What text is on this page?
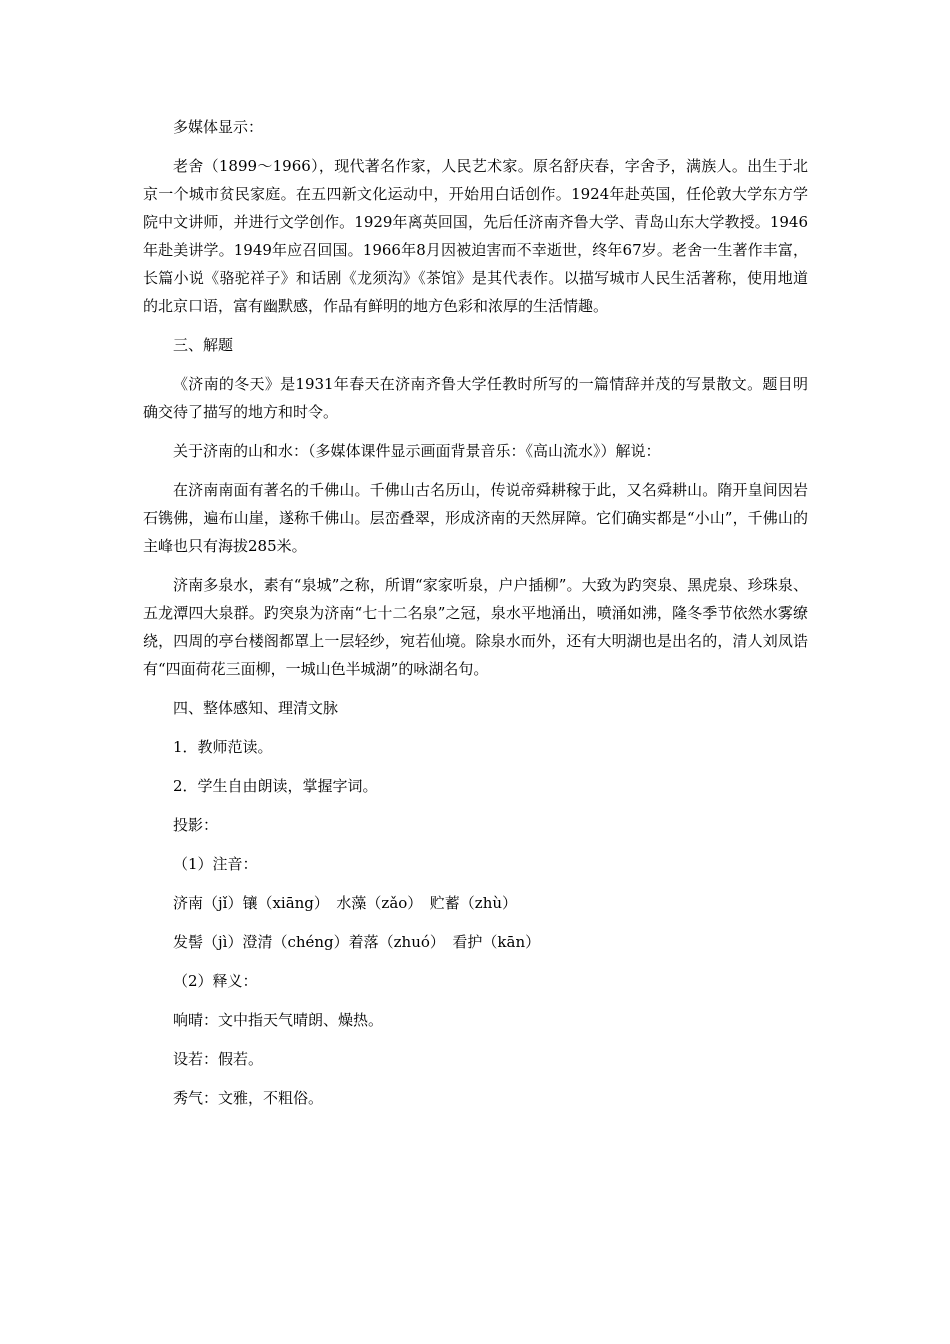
多媒体显示：

老舍（1899～1966），现代著名作家，人民艺术家。原名舒庆春，字舍予，满族人。出生于北京一个城市贫民家庭。在五四新文化运动中，开始用白话创作。1924年赴英国，任伦敦大学东方学院中文讲师，并进行文学创作。1929年离英回国，先后任济南齐鲁大学、青岛山东大学教授。1946年赴美讲学。1949年应召回国。1966年8月因被迫害而不幸逝世，终年67岁。老舍一生著作丰富，长篇小说《骆驼祥子》和话剧《龙须沟》《茶馆》是其代表作。以描写城市人民生活著称，使用地道的北京口语，富有幽默感，作品有鲜明的地方色彩和浓厚的生活情趣。

三、解题

《济南的冬天》是1931年春天在济南齐鲁大学任教时所写的一篇情辞并茂的写景散文。题目明确交待了描写的地方和时令。

关于济南的山和水：（多媒体课件显示画面背景音乐：《高山流水》）解说：

在济南南面有著名的千佛山。千佛山古名历山，传说帝舜耕稼于此，又名舜耕山。隋开皇间因岩石镌佛，遍布山崖，遂称千佛山。层峦叠翠，形成济南的天然屏障。它们确实都是“小山”，千佛山的主峰也只有海拔285米。

济南多泉水，素有“泉城”之称，所谓“家家听泉，户户插柳”。大致为趵突泉、黑虎泉、珍珠泉、五龙潭四大泉群。趵突泉为济南“七十二名泉”之冠，泉水平地涌出，喷涌如沸，隆冬季节依然水雾缭绕，四周的亭台楼阁都罩上一层轻纱，宛若仙境。除泉水而外，还有大明湖也是出名的，清人刘凤诰有“四面荷花三面柳，一城山色半城湖”的咏湖名句。

四、整体感知、理清文脉

1．教师范读。

2．学生自由朗读，掌握字词。

投影：

（1）注音：

济南（jǐ）镶（xiāng）　水藻（zǎo）　贮蓄（zhù）

发髻（jì）澄清（chéng）着落（zhuó）　看护（kān）

（2）释义：

响晴：文中指天气晴朗、燥热。

设若：假若。

秀气：文雅，不粗俗。
